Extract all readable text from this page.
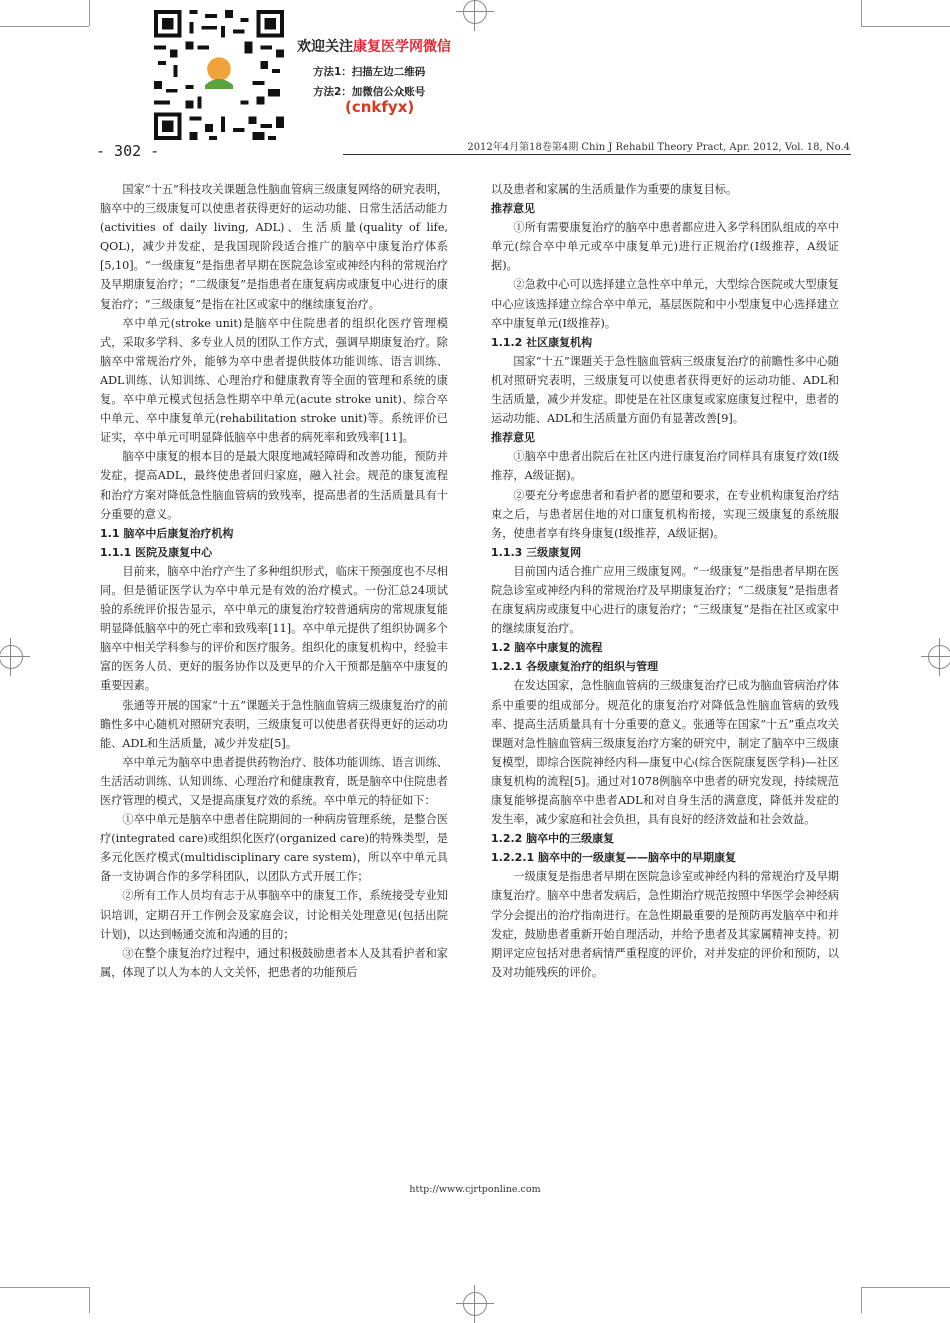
欢迎关注康复医学网微信
方法1：扫描左边二维码
方法2：加微信公众账号
(cnkfyx)
- 302 -	2012年4月第18卷第4期 Chin J Rehabil Theory Pract, Apr. 2012, Vol. 18, No.4

国家“十五”科技攻关课题急性脑血管病三级康复网络的研究表明，脑卒中的三级康复可以使患者获得更好的运动功能、日常生活活动能力(activities of daily living, ADL)、生活质量(quality of life, QOL)，减少并发症，是我国现阶段适合推广的脑卒中康复治疗体系[5,10]。“一级康复”是指患者早期在医院急诊室或神经内科的常规治疗及早期康复治疗；“二级康复”是指患者在康复病房或康复中心进行的康复治疗；“三级康复”是指在社区或家中的继续康复治疗。

卒中单元(stroke unit)是脑卒中住院患者的组织化医疗管理模式，采取多学科、多专业人员的团队工作方式，强调早期康复治疗。除脑卒中常规治疗外，能够为卒中患者提供肢体功能训练、语言训练、ADL训练、认知训练、心理治疗和健康教育等全面的管理和系统的康复。卒中单元模式包括急性期卒中单元(acute stroke unit)、综合卒中单元、卒中康复单元(rehabilitation stroke unit)等。系统评价已证实，卒中单元可明显降低脑卒中患者的病死率和致残率[11]。

脑卒中康复的根本目的是最大限度地减轻障碍和改善功能，预防并发症，提高ADL，最终使患者回归家庭，融入社会。规范的康复流程和治疗方案对降低急性脑血管病的致残率，提高患者的生活质量具有十分重要的意义。

1.1 脑卒中后康复治疗机构
1.1.1 医院及康复中心

目前来，脑卒中治疗产生了多种组织形式，临床干预强度也不尽相同。但是循证医学认为卒中单元是有效的治疗模式。一份汇总24项试验的系统评价报告显示，卒中单元的康复治疗较普通病房的常规康复能明显降低脑卒中的死亡率和致残率[11]。卒中单元提供了组织协调多个脑卒中相关学科参与的评价和医疗服务。组织化的康复机构中，经验丰富的医务人员、更好的服务协作以及更早的介入干预都是脑卒中康复的重要因素。

张通等开展的国家“十五”课题关于急性脑血管病三级康复治疗的前瞻性多中心随机对照研究表明，三级康复可以使患者获得更好的运动功能、ADL和生活质量，减少并发症[5]。

卒中单元为脑卒中患者提供药物治疗、肢体功能训练、语言训练、生活活动训练、认知训练、心理治疗和健康教育，既是脑卒中住院患者医疗管理的模式，又是提高康复疗效的系统。卒中单元的特征如下：

①卒中单元是脑卒中患者住院期间的一种病房管理系统，是整合医疗(integrated care)或组织化医疗(organized care)的特殊类型，是多元化医疗模式(multidisciplinary care system)，所以卒中单元具备一支协调合作的多学科团队，以团队方式开展工作；

②所有工作人员均有志于从事脑卒中的康复工作，系统接受专业知识培训，定期召开工作例会及家庭会议，讨论相关处理意见(包括出院计划)，以达到畅通交流和沟通的目的；

③在整个康复治疗过程中，通过积极鼓励患者本人及其看护者和家属，体现了以人为本的人文关怀，把患者的功能预后

以及患者和家属的生活质量作为重要的康复目标。

推荐意见

①所有需要康复治疗的脑卒中患者都应进入多学科团队组成的卒中单元(综合卒中单元或卒中康复单元)进行正规治疗(Ⅰ级推荐，A级证据)。

②急救中心可以选择建立急性卒中单元，大型综合医院或大型康复中心应该选择建立综合卒中单元，基层医院和中小型康复中心选择建立卒中康复单元(Ⅰ级推荐)。

1.1.2 社区康复机构

国家“十五”课题关于急性脑血管病三级康复治疗的前瞻性多中心随机对照研究表明，三级康复可以使患者获得更好的运动功能、ADL和生活质量，减少并发症。即使是在社区康复或家庭康复过程中，患者的运动功能、ADL和生活质量方面仍有显著改善[9]。

推荐意见

①脑卒中患者出院后在社区内进行康复治疗同样具有康复疗效(Ⅰ级推荐，A级证据)。

②要充分考虑患者和看护者的愿望和要求，在专业机构康复治疗结束之后，与患者居住地的对口康复机构衔接，实现三级康复的系统服务，使患者享有终身康复(Ⅰ级推荐，A级证据)。

1.1.3 三级康复网

目前国内适合推广应用三级康复网。“一级康复”是指患者早期在医院急诊室或神经内科的常规治疗及早期康复治疗；“二级康复”是指患者在康复病房或康复中心进行的康复治疗；“三级康复”是指在社区或家中的继续康复治疗。

1.2 脑卒中康复的流程
1.2.1 各级康复治疗的组织与管理

在发达国家，急性脑血管病的三级康复治疗已成为脑血管病治疗体系中重要的组成部分。规范化的康复治疗对降低急性脑血管病的致残率、提高生活质量具有十分重要的意义。张通等在国家“十五”重点攻关课题对急性脑血管病三级康复治疗方案的研究中，制定了脑卒中三级康复模型，即综合医院神经内科—康复中心(综合医院康复医学科)—社区康复机构的流程[5]。通过对1078例脑卒中患者的研究发现，持续规范康复能够提高脑卒中患者ADL和对自身生活的满意度，降低并发症的发生率，减少家庭和社会负担，具有良好的经济效益和社会效益。

1.2.2 脑卒中的三级康复
1.2.2.1 脑卒中的一级康复——脑卒中的早期康复

一级康复是指患者早期在医院急诊室或神经内科的常规治疗及早期康复治疗。脑卒中患者发病后，急性期治疗规范按照中华医学会神经病学分会提出的治疗指南进行。在急性期最重要的是预防再发脑卒中和并发症，鼓励患者重新开始自理活动，并给予患者及其家属精神支持。初期评定应包括对患者病情严重程度的评价，对并发症的评价和预防，以及对功能残疾的评价。

http://www.cjrtponline.com
